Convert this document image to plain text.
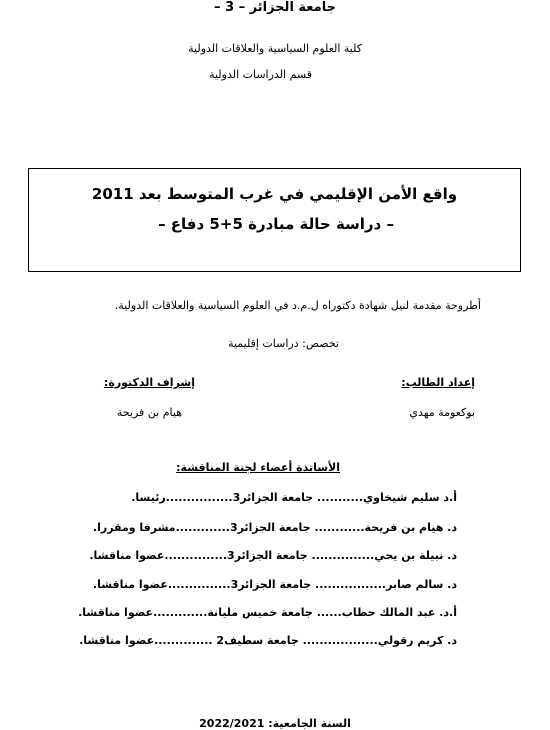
جامعة الجزائر – 3 –
كلية العلوم السياسية والعلاقات الدولية
قسم الدراسات الدولية
واقع الأمن الإقليمي في غرب المتوسط بعد 2011
– دراسة حالة مبادرة 5+5 دفاع –
أطروحة مقدمة لنيل شهادة دكتوراه ل.م.د في العلوم السياسية والعلاقات الدولية.
تخصص: دراسات إقليمية
إعداد الطالب:
بوكعومة مهدي
إشراف الدكتورة:
هيام بن فريحة
الأساتذة أعضاء لجنة المناقشة:
أ.د سليم شيخاوي........... جامعة الجزائر3................رئيسا.
د. هيام بن فريحة............ جامعة الجزائر3.............مشرفا ومقررا.
د. نبيلة بن يحي............... جامعة الجزائر3...............عضوا مناقشا.
د. سالم صابر................. جامعة الجزائر3...............عضوا مناقشا.
أ.د. عبد المالك حطاب...... جامعة خميس مليانة.............عضوا مناقشا.
د. كريم رقولي.................. جامعة سطيف2 ..............عضوا مناقشا.
السنة الجامعية: 2022/2021
